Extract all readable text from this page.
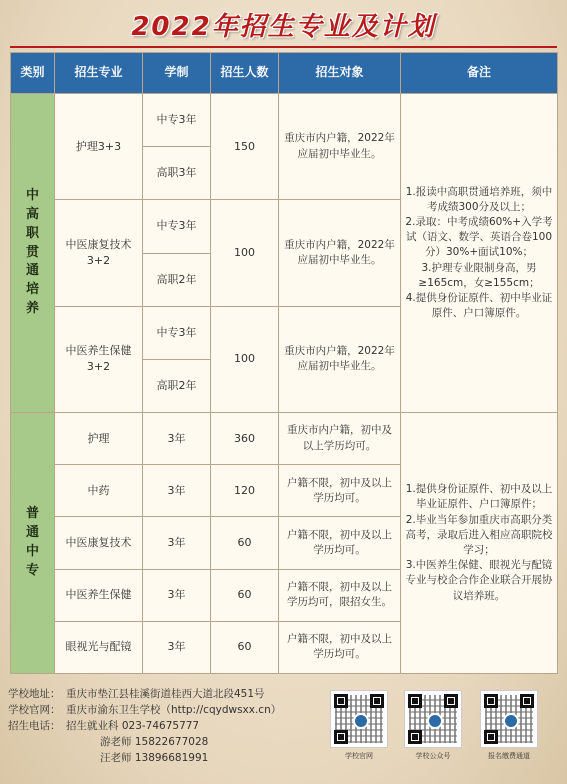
2022年招生专业及计划
类别	招生专业	学制	招生人数	招生对象	备注

中高职贯通培养	护理3+3	中专3年	150	重庆市内户籍，2022年应届初中毕业生。	1.报读中高职贯通培养班，须中考成绩300分及以上；
2.录取：中考成绩60%+入学考试（语文、数学、英语合卷100分）30%+面试10%；
3.护理专业限制身高，男≥165cm，女≥155cm；
4.提供身份证原件、初中毕业证原件、户口簿原件。
		高职3年			
	中医康复技术3+2	中专3年	100	重庆市内户籍，2022年应届初中毕业生。	
		高职2年			
	中医养生保健3+2	中专3年	100	重庆市内户籍，2022年应届初中毕业生。	
		高职2年			

普通中专	护理	3年	360	重庆市内户籍，初中及以上学历均可。	1.提供身份证原件、初中及以上毕业证原件、户口簿原件；
2.毕业当年参加重庆市高职分类高考，录取后进入相应高职院校学习；
3.中医养生保健、眼视光与配镜专业与校企合作企业联合开展协议培养班。
	中药	3年	120	户籍不限，初中及以上学历均可。	
	中医康复技术	3年	60	户籍不限，初中及以上学历均可。	
	中医养生保健	3年	60	户籍不限，初中及以上学历均可，限招女生。	
	眼视光与配镜	3年	60	户籍不限，初中及以上学历均可。	
学校地址： 重庆市垫江县桂溪街道桂西大道北段451号
学校官网： 重庆市渝东卫生学校（http://cqydwsxx.cn）
招生电话： 招生就业科 023-74675777
游老师 15822677028
汪老师 13896681991	学校官网	学校公众号	报名缴费通道
